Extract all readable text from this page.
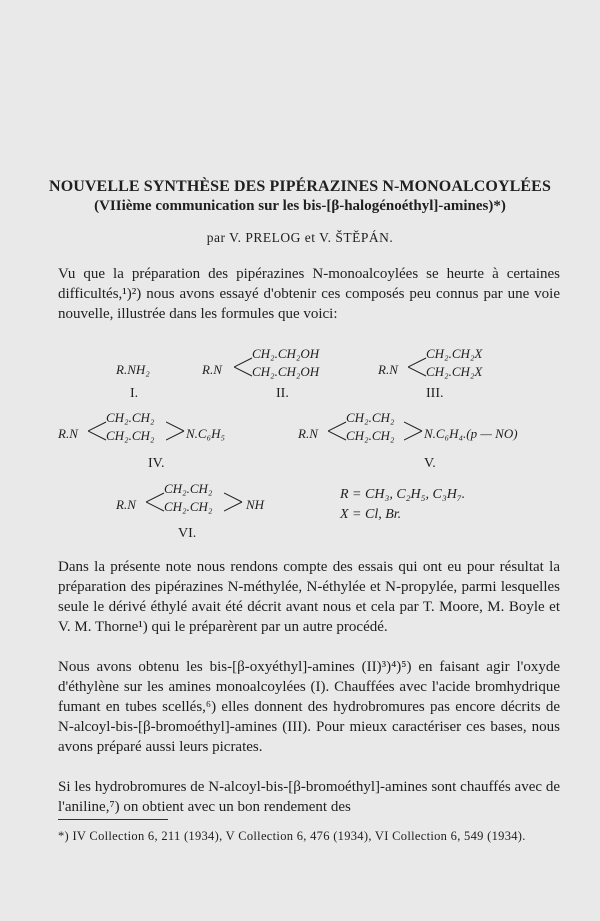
NOUVELLE SYNTHÈSE DES PIPÉRAZINES N-MONOALCOYLÉES
(VIIième communication sur les bis-[β-halogénoéthyl]-amines)*)
par V. PRELOG et V. ŠTĚPÁN.
Vu que la préparation des pipérazines N-monoalcoylées se heurte à certaines difficultés,¹)²) nous avons essayé d'obtenir ces composés peu connus par une voie nouvelle, illustrée dans les formules que voici:
R.NH₂
I.
R.N
CH₂.CH₂OH
CH₂.CH₂OH
II.
R.N
CH₂.CH₂X
CH₂.CH₂X
III.
R.N
CH₂.CH₂
CH₂.CH₂ N.C₆H₅
IV.
R.N
CH₂.CH₂
CH₂.CH₂ N.C₆H₄.(p — NO)
V.
R.N
CH₂.CH₂
CH₂.CH₂	NH
VI.
R = CH₃, C₂H₅, C₃H₇.
X = Cl, Br.
Dans la présente note nous rendons compte des essais qui ont eu pour résultat la préparation des pipérazines N-méthylée, N-éthylée et N-propylée, parmi lesquelles seule le dérivé éthylé avait été décrit avant nous et cela par T. Moore, M. Boyle et V. M. Thorne¹) qui le préparèrent par un autre procédé.
Nous avons obtenu les bis-[β-oxyéthyl]-amines (II)³)⁴)⁵) en faisant agir l'oxyde d'éthylène sur les amines monoalcoylées (I). Chauffées avec l'acide bromhydrique fumant en tubes scellés,⁶) elles donnent des hydrobromures pas encore décrits de N-alcoyl-bis-[β-bromoéthyl]-amines (III). Pour mieux caractériser ces bases, nous avons préparé aussi leurs picrates.
Si les hydrobromures de N-alcoyl-bis-[β-bromoéthyl]-amines sont chauffés avec de l'aniline,⁷) on obtient avec un bon rendement des
*) IV Collection 6, 211 (1934), V Collection 6, 476 (1934), VI Collection 6, 549 (1934).
